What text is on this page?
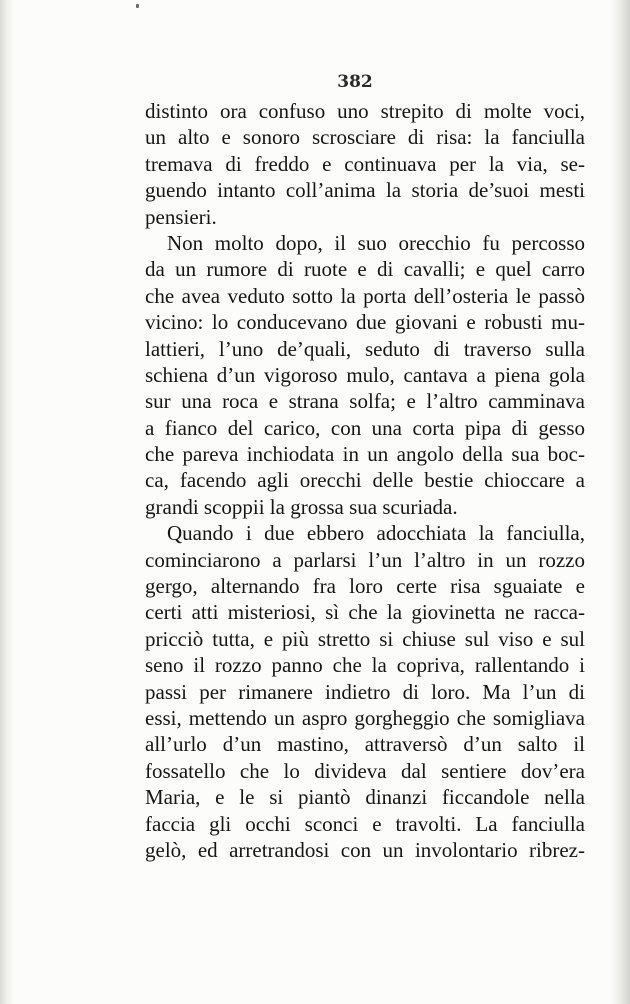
382

distinto ora confuso uno strepito di molte voci,
un alto e sonoro scrosciare di risa: la fanciulla
tremava di freddo e continuava per la via, se-
guendo intanto coll’anima la storia de’suoi mesti
pensieri.
Non molto dopo, il suo orecchio fu percosso
da un rumore di ruote e di cavalli; e quel carro
che avea veduto sotto la porta dell’osteria le passò
vicino: lo conducevano due giovani e robusti mu-
lattieri, l’uno de’quali, seduto di traverso sulla
schiena d’un vigoroso mulo, cantava a piena gola
sur una roca e strana solfa; e l’altro camminava
a fianco del carico, con una corta pipa di gesso
che pareva inchiodata in un angolo della sua boc-
ca, facendo agli orecchi delle bestie chioccare a
grandi scoppii la grossa sua scuriada.
Quando i due ebbero adocchiata la fanciulla,
cominciarono a parlarsi l’un l’altro in un rozzo
gergo, alternando fra loro certe risa sguaiate e
certi atti misteriosi, sì che la giovinetta ne racca-
pricciò tutta, e più stretto si chiuse sul viso e sul
seno il rozzo panno che la copriva, rallentando i
passi per rimanere indietro di loro. Ma l’un di
essi, mettendo un aspro gorgheggio che somigliava
all’urlo d’un mastino, attraversò d’un salto il
fossatello che lo divideva dal sentiere dov’era
Maria, e le si piantò dinanzi ficcandole nella
faccia gli occhi sconci e travolti. La fanciulla
gelò, ed arretrandosi con un involontario ribrez-
